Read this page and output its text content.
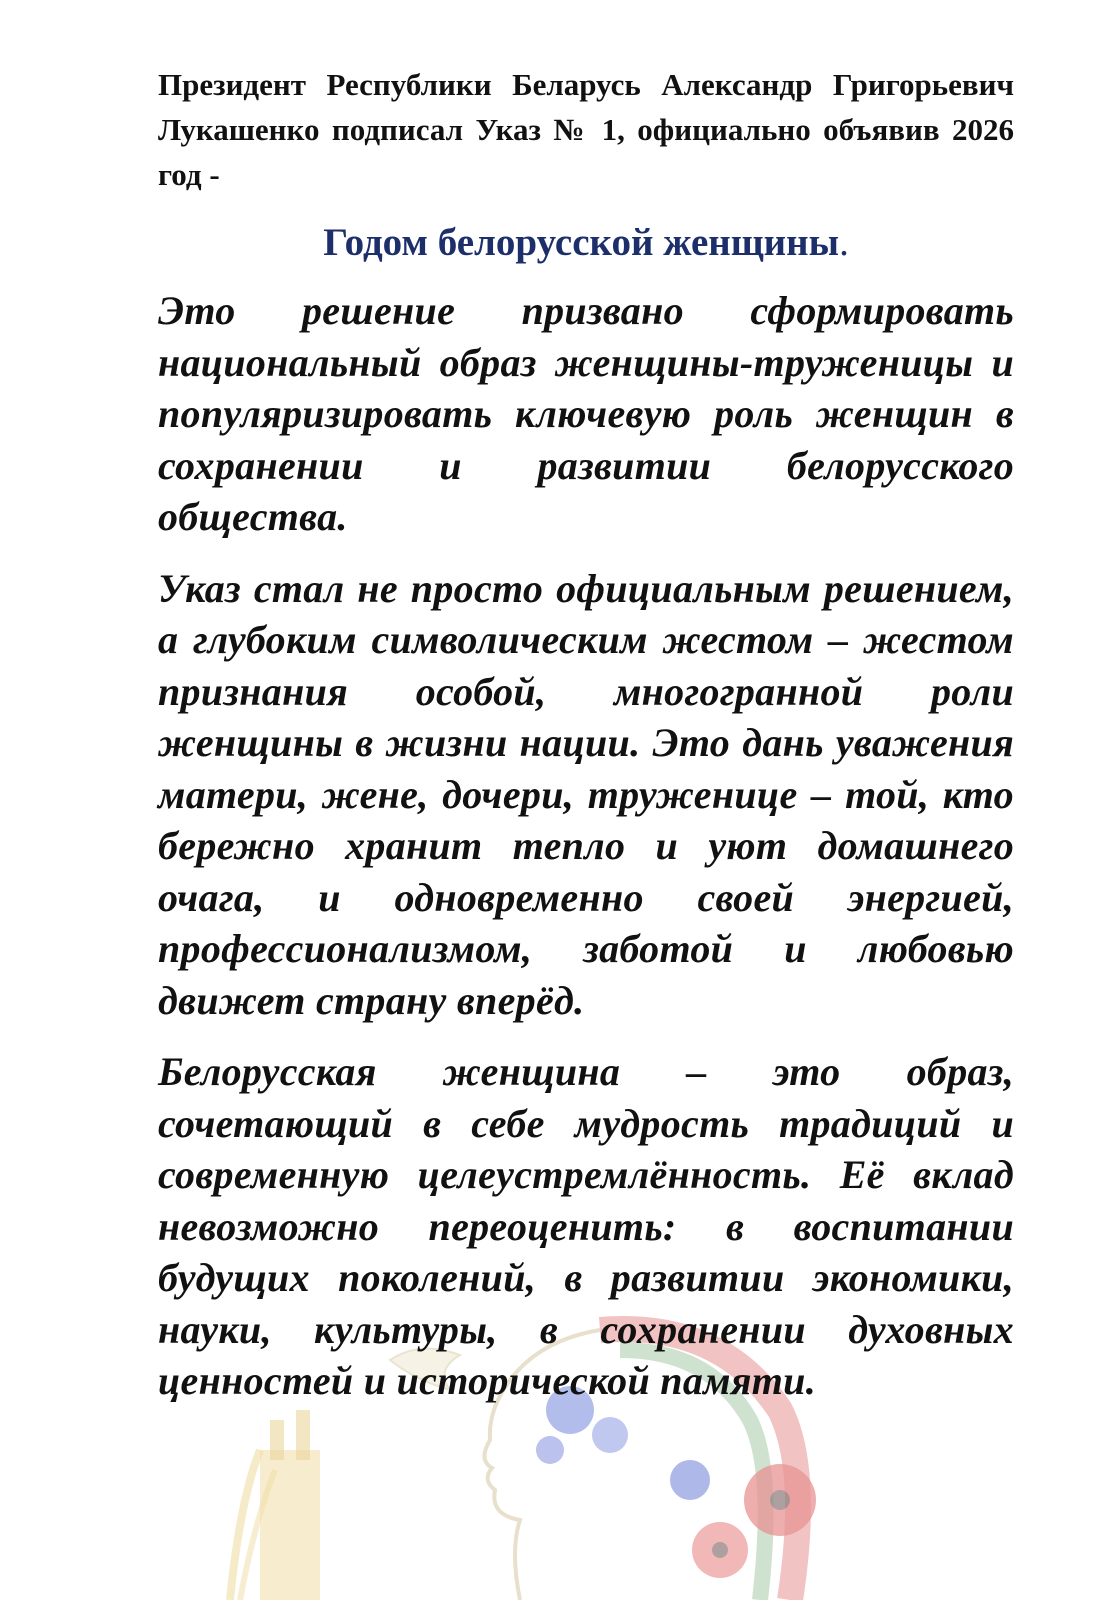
Президент Республики Беларусь Александр Григорьевич Лукашенко подписал Указ № 1, официально объявив 2026 год -

Годом белорусской женщины.

Это решение призвано сформировать национальный образ женщины-труженицы и популяризировать ключевую роль женщин в сохранении и развитии белорусского общества.

Указ стал не просто официальным решением, а глубоким символическим жестом – жестом признания особой, многогранной роли женщины в жизни нации. Это дань уважения матери, жене, дочери, труженице – той, кто бережно хранит тепло и уют домашнего очага, и одновременно своей энергией, профессионализмом, заботой и любовью движет страну вперёд.

Белорусская женщина – это образ, сочетающий в себе мудрость традиций и современную целеустремлённость. Её вклад невозможно переоценить: в воспитании будущих поколений, в развитии экономики, науки, культуры, в сохранении духовных ценностей и исторической памяти.
